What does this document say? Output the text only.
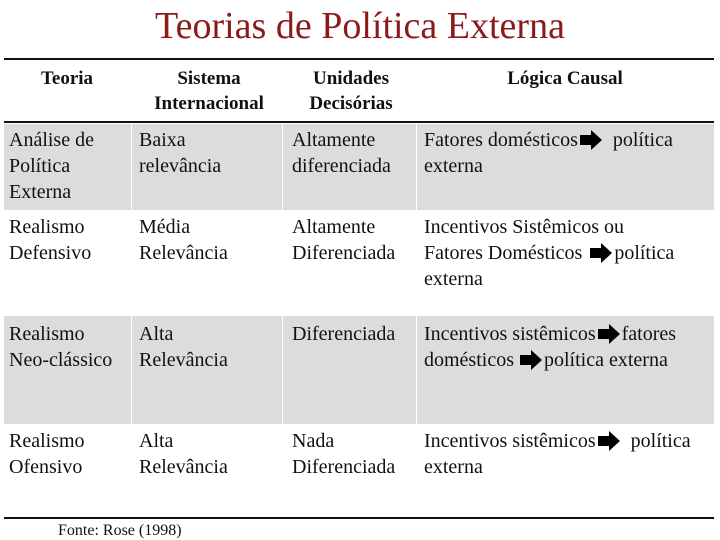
Teorias de Política Externa
Teoria	Sistema
Internacional
Unidades
Decisórias
Lógica Causal
Análise de
Política
Externa
Baixa
relevância
Altamente
diferenciada
Fatores domésticos política
externa
Realismo
Defensivo
Média
Relevância
Altamente
Diferenciada
Incentivos Sistêmicos ou
Fatores Domésticos política
externa
Realismo
Neo-clássico
Alta
Relevância
Diferenciada Incentivos sistêmicos fatores
domésticos política externa
Realismo
Ofensivo
Alta
Relevância
Nada
Diferenciada
Incentivos sistêmicos política
externa
Fonte: Rose (1998)
